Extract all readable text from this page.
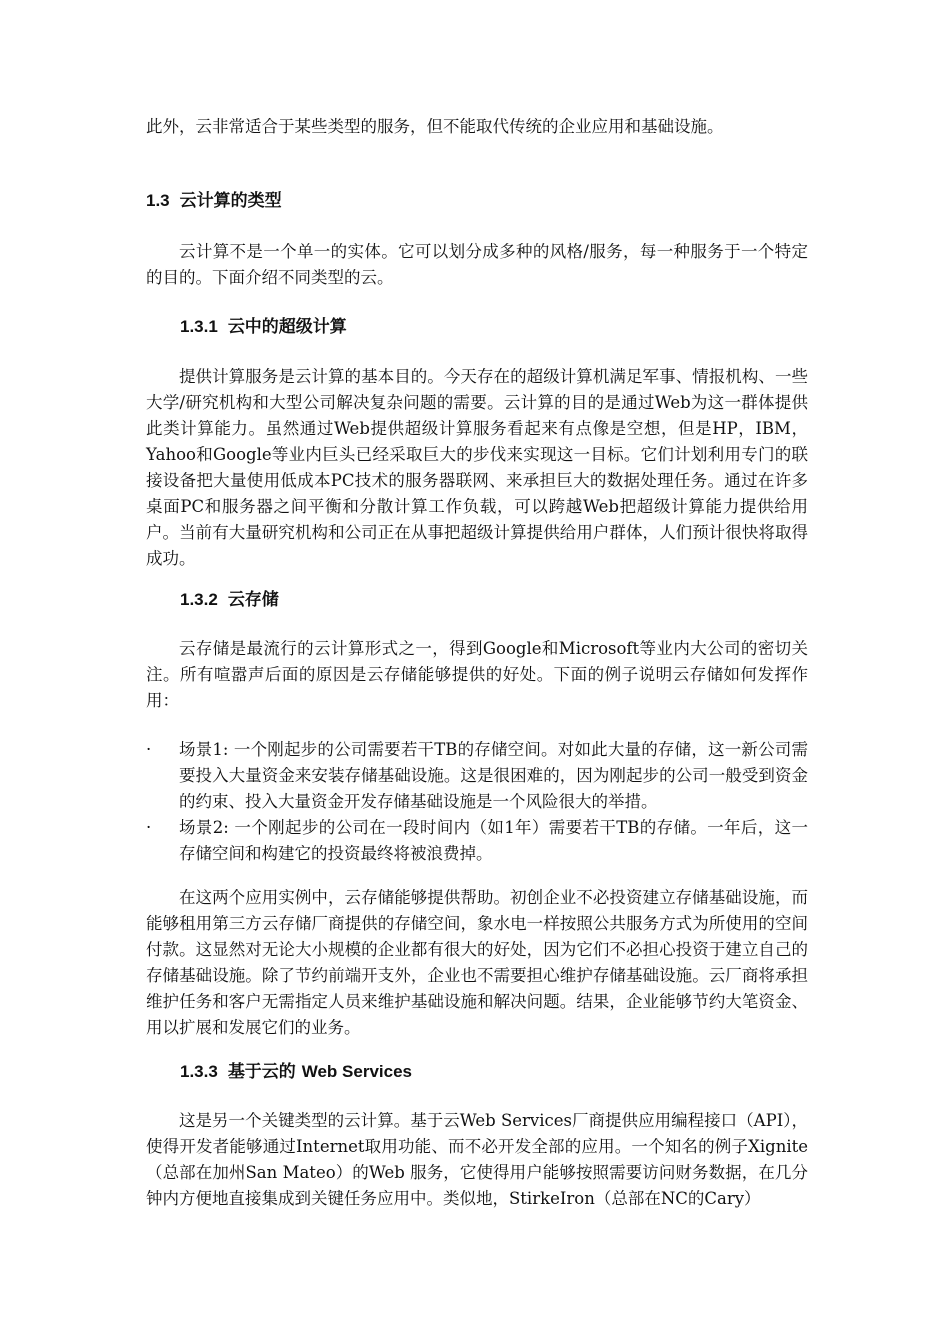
此外，云非常适合于某些类型的服务，但不能取代传统的企业应用和基础设施。

1.3 云计算的类型

云计算不是一个单一的实体。它可以划分成多种的风格/服务，每一种服务于一个特定的目的。下面介绍不同类型的云。

1.3.1 云中的超级计算

提供计算服务是云计算的基本目的。今天存在的超级计算机满足军事、情报机构、一些大学/研究机构和大型公司解决复杂问题的需要。云计算的目的是通过Web为这一群体提供此类计算能力。虽然通过Web提供超级计算服务看起来有点像是空想，但是HP，IBM，Yahoo和Google等业内巨头已经采取巨大的步伐来实现这一目标。它们计划利用专门的联接设备把大量使用低成本PC技术的服务器联网、来承担巨大的数据处理任务。通过在许多桌面PC和服务器之间平衡和分散计算工作负载，可以跨越Web把超级计算能力提供给用户。当前有大量研究机构和公司正在从事把超级计算提供给用户群体，人们预计很快将取得成功。

1.3.2 云存储

云存储是最流行的云计算形式之一，得到Google和Microsoft等业内大公司的密切关注。所有喧嚣声后面的原因是云存储能够提供的好处。下面的例子说明云存储如何发挥作用：

·	场景1: 一个刚起步的公司需要若干TB的存储空间。对如此大量的存储，这一新公司需要投入大量资金来安装存储基础设施。这是很困难的，因为刚起步的公司一般受到资金的约束、投入大量资金开发存储基础设施是一个风险很大的举措。
·	场景2: 一个刚起步的公司在一段时间内（如1年）需要若干TB的存储。一年后，这一存储空间和构建它的投资最终将被浪费掉。

在这两个应用实例中，云存储能够提供帮助。初创企业不必投资建立存储基础设施，而能够租用第三方云存储厂商提供的存储空间，象水电一样按照公共服务方式为所使用的空间付款。这显然对无论大小规模的企业都有很大的好处，因为它们不必担心投资于建立自己的存储基础设施。除了节约前端开支外，企业也不需要担心维护存储基础设施。云厂商将承担维护任务和客户无需指定人员来维护基础设施和解决问题。结果，企业能够节约大笔资金、用以扩展和发展它们的业务。

1.3.3 基于云的 Web Services

这是另一个关键类型的云计算。基于云Web Services厂商提供应用编程接口（API），使得开发者能够通过Internet取用功能、而不必开发全部的应用。一个知名的例子Xignite（总部在加州San Mateo）的Web 服务，它使得用户能够按照需要访问财务数据，在几分钟内方便地直接集成到关键任务应用中。类似地，StirkeIron（总部在NC的Cary）
